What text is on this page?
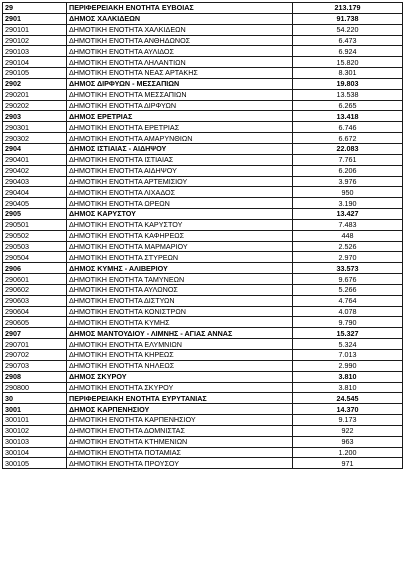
29	ΠΕΡΙΦΕΡΕΙΑΚΗ ΕΝΟΤΗΤΑ ΕΥΒΟΙΑΣ	213.179
2901	ΔΗΜΟΣ ΧΑΛΚΙΔΕΩΝ	91.738
290101	ΔΗΜΟΤΙΚΗ ΕΝΟΤΗΤΑ ΧΑΛΚΙΔΕΩΝ	54.220
290102	ΔΗΜΟΤΙΚΗ ΕΝΟΤΗΤΑ ΑΝΘΗΔΩΝΟΣ	6.473
290103	ΔΗΜΟΤΙΚΗ ΕΝΟΤΗΤΑ ΑΥΛΙΔΟΣ	6.924
290104	ΔΗΜΟΤΙΚΗ ΕΝΟΤΗΤΑ ΛΗΛΑΝΤΙΩΝ	15.820
290105	ΔΗΜΟΤΙΚΗ ΕΝΟΤΗΤΑ ΝΕΑΣ ΑΡΤΑΚΗΣ	8.301
2902	ΔΗΜΟΣ ΔΙΡΦΥΩΝ - ΜΕΣΣΑΠΙΩΝ	19.803
290201	ΔΗΜΟΤΙΚΗ ΕΝΟΤΗΤΑ ΜΕΣΣΑΠΙΩΝ	13.538
290202	ΔΗΜΟΤΙΚΗ ΕΝΟΤΗΤΑ ΔΙΡΦΥΩΝ	6.265
2903	ΔΗΜΟΣ ΕΡΕΤΡΙΑΣ	13.418
290301	ΔΗΜΟΤΙΚΗ ΕΝΟΤΗΤΑ ΕΡΕΤΡΙΑΣ	6.746
290302	ΔΗΜΟΤΙΚΗ ΕΝΟΤΗΤΑ ΑΜΑΡΥΝΘΙΩΝ	6.672
2904	ΔΗΜΟΣ ΙΣΤΙΑΙΑΣ - ΑΙΔΗΨΟΥ	22.083
290401	ΔΗΜΟΤΙΚΗ ΕΝΟΤΗΤΑ ΙΣΤΙΑΙΑΣ	7.761
290402	ΔΗΜΟΤΙΚΗ ΕΝΟΤΗΤΑ ΑΙΔΗΨΟΥ	6.206
290403	ΔΗΜΟΤΙΚΗ ΕΝΟΤΗΤΑ ΑΡΤΕΜΙΣΙΟΥ	3.976
290404	ΔΗΜΟΤΙΚΗ ΕΝΟΤΗΤΑ ΛΙΧΑΔΟΣ	950
290405	ΔΗΜΟΤΙΚΗ ΕΝΟΤΗΤΑ ΩΡΕΩΝ	3.190
2905	ΔΗΜΟΣ ΚΑΡΥΣΤΟΥ	13.427
290501	ΔΗΜΟΤΙΚΗ ΕΝΟΤΗΤΑ ΚΑΡΥΣΤΟΥ	7.483
290502	ΔΗΜΟΤΙΚΗ ΕΝΟΤΗΤΑ ΚΑΦΗΡΕΩΣ	448
290503	ΔΗΜΟΤΙΚΗ ΕΝΟΤΗΤΑ ΜΑΡΜΑΡΙΟΥ	2.526
290504	ΔΗΜΟΤΙΚΗ ΕΝΟΤΗΤΑ ΣΤΥΡΕΩΝ	2.970
2906	ΔΗΜΟΣ ΚΥΜΗΣ - ΑΛΙΒΕΡΙΟΥ	33.573
290601	ΔΗΜΟΤΙΚΗ ΕΝΟΤΗΤΑ ΤΑΜΥΝΕΩΝ	9.676
290602	ΔΗΜΟΤΙΚΗ ΕΝΟΤΗΤΑ ΑΥΛΩΝΟΣ	5.266
290603	ΔΗΜΟΤΙΚΗ ΕΝΟΤΗΤΑ ΔΙΣΤΥΩΝ	4.764
290604	ΔΗΜΟΤΙΚΗ ΕΝΟΤΗΤΑ ΚΟΝΙΣΤΡΩΝ	4.078
290605	ΔΗΜΟΤΙΚΗ ΕΝΟΤΗΤΑ ΚΥΜΗΣ	9.790
2907	ΔΗΜΟΣ ΜΑΝΤΟΥΔΙΟΥ - ΛΙΜΝΗΣ - ΑΓΙΑΣ ΑΝΝΑΣ	15.327
290701	ΔΗΜΟΤΙΚΗ ΕΝΟΤΗΤΑ ΕΛΥΜΝΙΩΝ	5.324
290702	ΔΗΜΟΤΙΚΗ ΕΝΟΤΗΤΑ ΚΗΡΕΩΣ	7.013
290703	ΔΗΜΟΤΙΚΗ ΕΝΟΤΗΤΑ ΝΗΛΕΩΣ	2.990
2908	ΔΗΜΟΣ ΣΚΥΡΟΥ	3.810
290800	ΔΗΜΟΤΙΚΗ ΕΝΟΤΗΤΑ ΣΚΥΡΟΥ	3.810
30	ΠΕΡΙΦΕΡΕΙΑΚΗ ΕΝΟΤΗΤΑ ΕΥΡΥΤΑΝΙΑΣ	24.545
3001	ΔΗΜΟΣ ΚΑΡΠΕΝΗΣΙΟΥ	14.370
300101	ΔΗΜΟΤΙΚΗ ΕΝΟΤΗΤΑ ΚΑΡΠΕΝΗΣΙΟΥ	9.173
300102	ΔΗΜΟΤΙΚΗ ΕΝΟΤΗΤΑ ΔΟΜΝΙΣΤΑΣ	922
300103	ΔΗΜΟΤΙΚΗ ΕΝΟΤΗΤΑ ΚΤΗΜΕΝΙΩΝ	963
300104	ΔΗΜΟΤΙΚΗ ΕΝΟΤΗΤΑ ΠΟΤΑΜΙΑΣ	1.200
300105	ΔΗΜΟΤΙΚΗ ΕΝΟΤΗΤΑ ΠΡΟΥΣΟΥ	971
